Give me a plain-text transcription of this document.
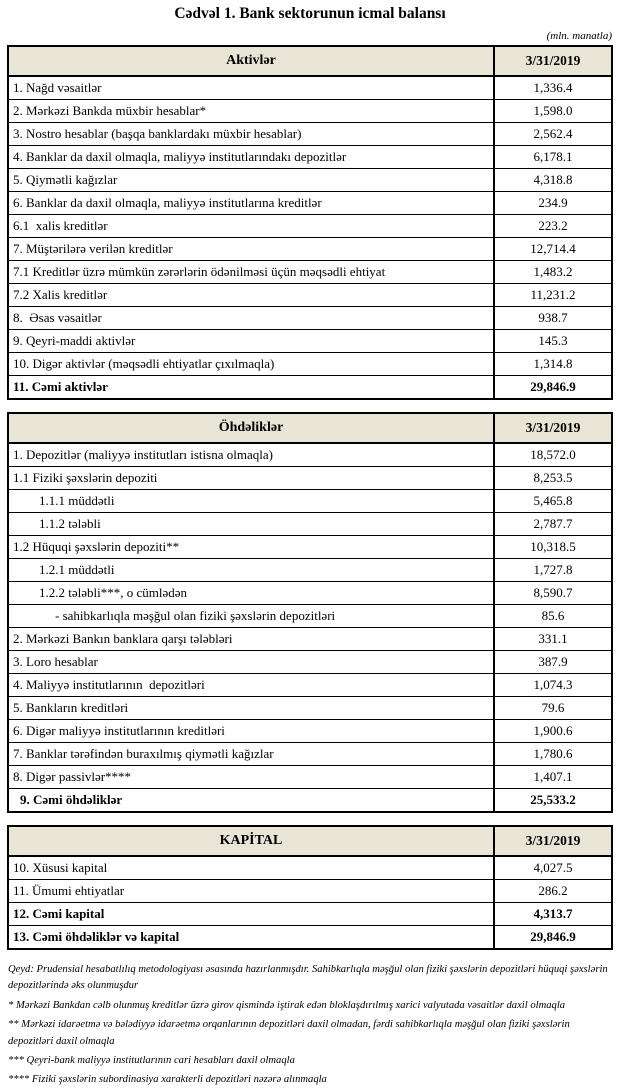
Cədvəl 1. Bank sektorunun icmal balansı
(mln. manatla)
Aktivlər	3/31/2019
1. Nağd vəsaitlər	1,336.4
2. Mərkəzi Bankda müxbir hesablar*	1,598.0
3. Nostro hesablar (başqa banklardakı müxbir hesablar)	2,562.4
4. Banklar da daxil olmaqla, maliyyə institutlarındakı depozitlər	6,178.1
5. Qiymətli kağızlar	4,318.8
6. Banklar da daxil olmaqla, maliyyə institutlarına kreditlər	234.9
6.1  xalis kreditlər	223.2
7. Müştərilərə verilən kreditlər	12,714.4
7.1 Kreditlər üzrə mümkün zərərlərin ödənilməsi üçün məqsədli ehtiyat	1,483.2
7.2 Xalis kreditlər	11,231.2
8.  Əsas vəsaitlər	938.7
9. Qeyri-maddi aktivlər	145.3
10. Digər aktivlər (məqsədli ehtiyatlar çıxılmaqla)	1,314.8
11. Cəmi aktivlər	29,846.9
Öhdəliklər	3/31/2019
1. Depozitlər (maliyyə institutları istisna olmaqla)	18,572.0
1.1 Fiziki şəxslərin depoziti	8,253.5
1.1.1 müddətli	5,465.8
1.1.2 tələbli	2,787.7
1.2 Hüquqi şəxslərin depoziti**	10,318.5
1.2.1 müddətli	1,727.8
1.2.2 tələbli***, o cümlədən	8,590.7
- sahibkarlıqla məşğul olan fiziki şəxslərin depozitləri	85.6
2. Mərkəzi Bankın banklara qarşı tələbləri	331.1
3. Loro hesablar	387.9
4. Maliyyə institutlarının  depozitləri	1,074.3
5. Bankların kreditləri	79.6
6. Digər maliyyə institutlarının kreditləri	1,900.6
7. Banklar tərəfindən buraxılmış qiymətli kağızlar	1,780.6
8. Digər passivlər****	1,407.1
9. Cəmi öhdəliklər	25,533.2
KAPİTAL	3/31/2019
10. Xüsusi kapital	4,027.5
11. Ümumi ehtiyatlar	286.2
12. Cəmi kapital	4,313.7
13. Cəmi öhdəliklər və kapital	29,846.9
Qeyd: Prudensial hesabatlılıq metodologiyası əsasında hazırlanmışdır. Sahibkarlıqla məşğul olan fiziki şəxslərin depozitləri hüquqi şəxslərin depozitlərində əks olunmuşdur
* Mərkəzi Bankdan cəlb olunmuş kreditlər üzrə girov qismində iştirak edən bloklaşdırılmış xarici valyutada vəsaitlər daxil olmaqla
** Mərkəzi idarəetmə və bələdiyyə idarəetmə orqanlarının depozitləri daxil olmadan, fərdi sahibkarlıqla məşğul olan fiziki şəxslərin depozitləri daxil olmaqla
*** Qeyri-bank maliyyə institutlarının cari hesabları daxil olmaqla
**** Fiziki şəxslərin subordinasiya xarakterli depozitləri nəzərə alınmaqla
